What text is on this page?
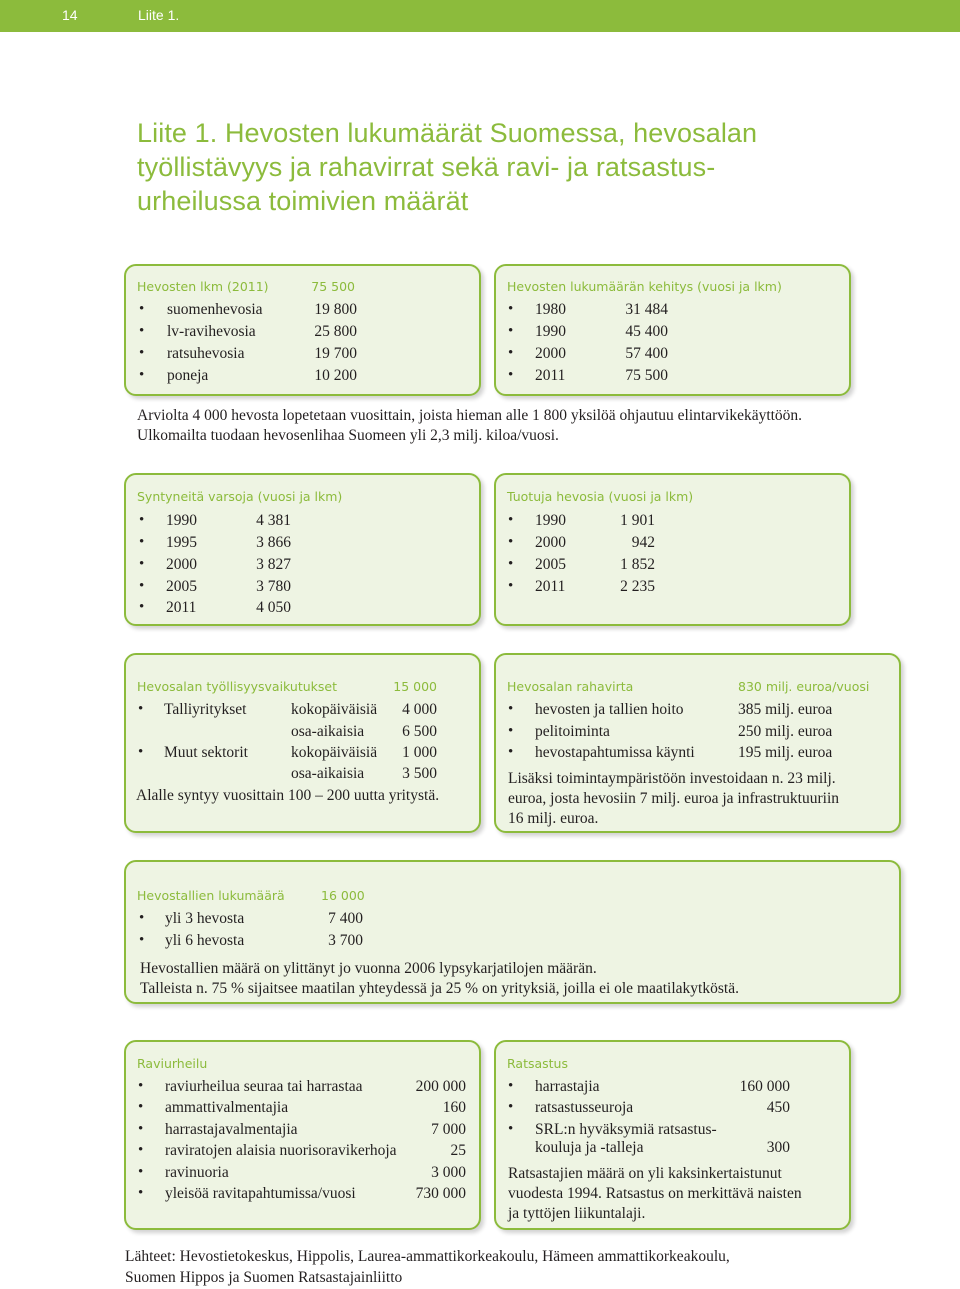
14	Liite 1.
Liite 1. Hevosten lukumäärät Suomessa, hevosalan
työllistävyys ja rahavirrat sekä ravi- ja ratsastus-
urheilussa toimivien määrät
Hevosten lkm (2011)	75 500
• suomenhevosia	19 800
• lv-ravihevosia	25 800
• ratsuhevosia	19 700
• poneja	10 200
Hevosten lukumäärän kehitys (vuosi ja lkm)
• 1980	31 484
• 1990	45 400
• 2000	57 400
• 2011	75 500
Arviolta 4 000 hevosta lopetetaan vuosittain, joista hieman alle 1 800 yksilöä ohjautuu elintarvikekäyttöön.
Ulkomailta tuodaan hevosenlihaa Suomeen yli 2,3 milj. kiloa/vuosi.
Syntyneitä varsoja (vuosi ja lkm)
• 1990	4 381
• 1995	3 866
• 2000	3 827
• 2005	3 780
• 2011	4 050
Tuotuja hevosia (vuosi ja lkm)
• 1990	1 901
• 2000	942
• 2005	1 852
• 2011	2 235
Hevosalan työllisyysvaikutukset	15 000
• Talliyritykset	kokopäiväisiä 4 000
osa-aikaisia 6 500
• Muut sektorit	kokopäiväisiä 1 000
osa-aikaisia 3 500
Alalle syntyy vuosittain 100 – 200 uutta yritystä.
Hevosalan rahavirta	830 milj. euroa/vuosi
• hevosten ja tallien hoito	385 milj. euroa
• pelitoiminta	250 milj. euroa
• hevostapahtumissa käynti	195 milj. euroa
Lisäksi toimintaympäristöön investoidaan n. 23 milj.
euroa, josta hevosiin 7 milj. euroa ja infrastruktuuriin
16 milj. euroa.
Hevostallien lukumäärä	16 000
• yli 3 hevosta	7 400
• yli 6 hevosta	3 700
Hevostallien määrä on ylittänyt jo vuonna 2006 lypsykarjatilojen määrän.
Talleista n. 75 % sijaitsee maatilan yhteydessä ja 25 % on yrityksiä, joilla ei ole maatilakytköstä.
Raviurheilu
• raviurheilua seuraa tai harrastaa	200 000
• ammattivalmentajia	160
• harrastajavalmentajia	7 000
• raviratojen alaisia nuorisoravikerhoja	25
• ravinuoria	3 000
• yleisöä ravitapahtumissa/vuosi	730 000
Ratsastus
• harrastajia	160 000
• ratsastusseuroja	450
• SRL:n hyväksymiä ratsastus-
kouluja ja -talleja	300
Ratsastajien määrä on yli kaksinkertaistunut
vuodesta 1994. Ratsastus on merkittävä naisten
ja tyttöjen liikuntalaji.
Lähteet: Hevostietokeskus, Hippolis, Laurea-ammattikorkeakoulu, Hämeen ammattikorkeakoulu,
Suomen Hippos ja Suomen Ratsastajainliitto
